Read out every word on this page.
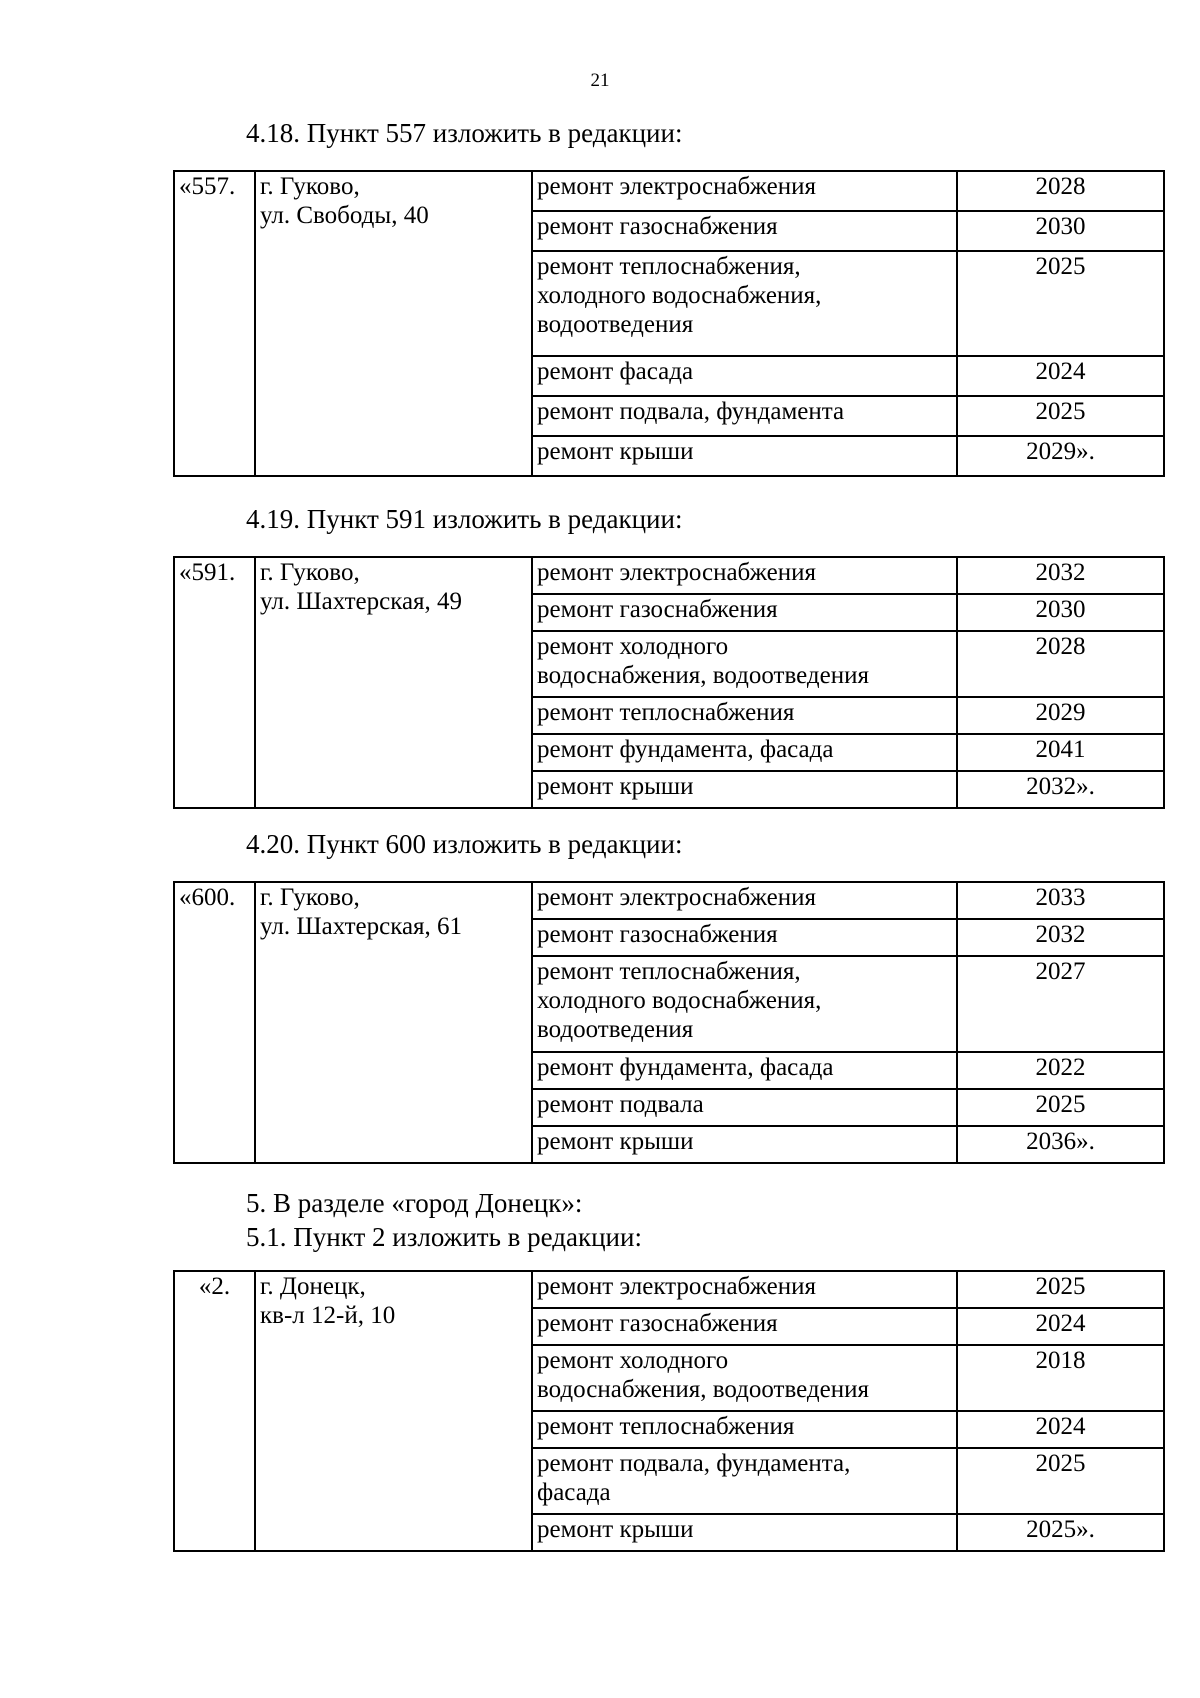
21
4.18. Пункт 557 изложить в редакции:
«557.	г. Гуково,
ул. Свободы, 40	ремонт электроснабжения	2028

		ремонт газоснабжения	2030

		ремонт теплоснабжения,
холодного водоснабжения,
водоотведения	2025

		ремонт фасада	2024

		ремонт подвала, фундамента	2025

		ремонт крыши	2029».
4.19. Пункт 591 изложить в редакции:
«591.	г. Гуково,
ул. Шахтерская, 49	ремонт электроснабжения	2032

		ремонт газоснабжения	2030

		ремонт холодного
водоснабжения, водоотведения	2028

		ремонт теплоснабжения	2029

		ремонт фундамента, фасада	2041

		ремонт крыши	2032».
4.20. Пункт 600 изложить в редакции:
«600.	г. Гуково,
ул. Шахтерская, 61	ремонт электроснабжения	2033

		ремонт газоснабжения	2032

		ремонт теплоснабжения,
холодного водоснабжения,
водоотведения	2027

		ремонт фундамента, фасада	2022

		ремонт подвала	2025

		ремонт крыши	2036».
5. В разделе «город Донецк»:
5.1. Пункт 2 изложить в редакции:
«2.	г. Донецк,
кв-л 12-й, 10	ремонт электроснабжения	2025

		ремонт газоснабжения	2024

		ремонт холодного
водоснабжения, водоотведения	2018

		ремонт теплоснабжения	2024

		ремонт подвала, фундамента,
фасада	2025

		ремонт крыши	2025».
